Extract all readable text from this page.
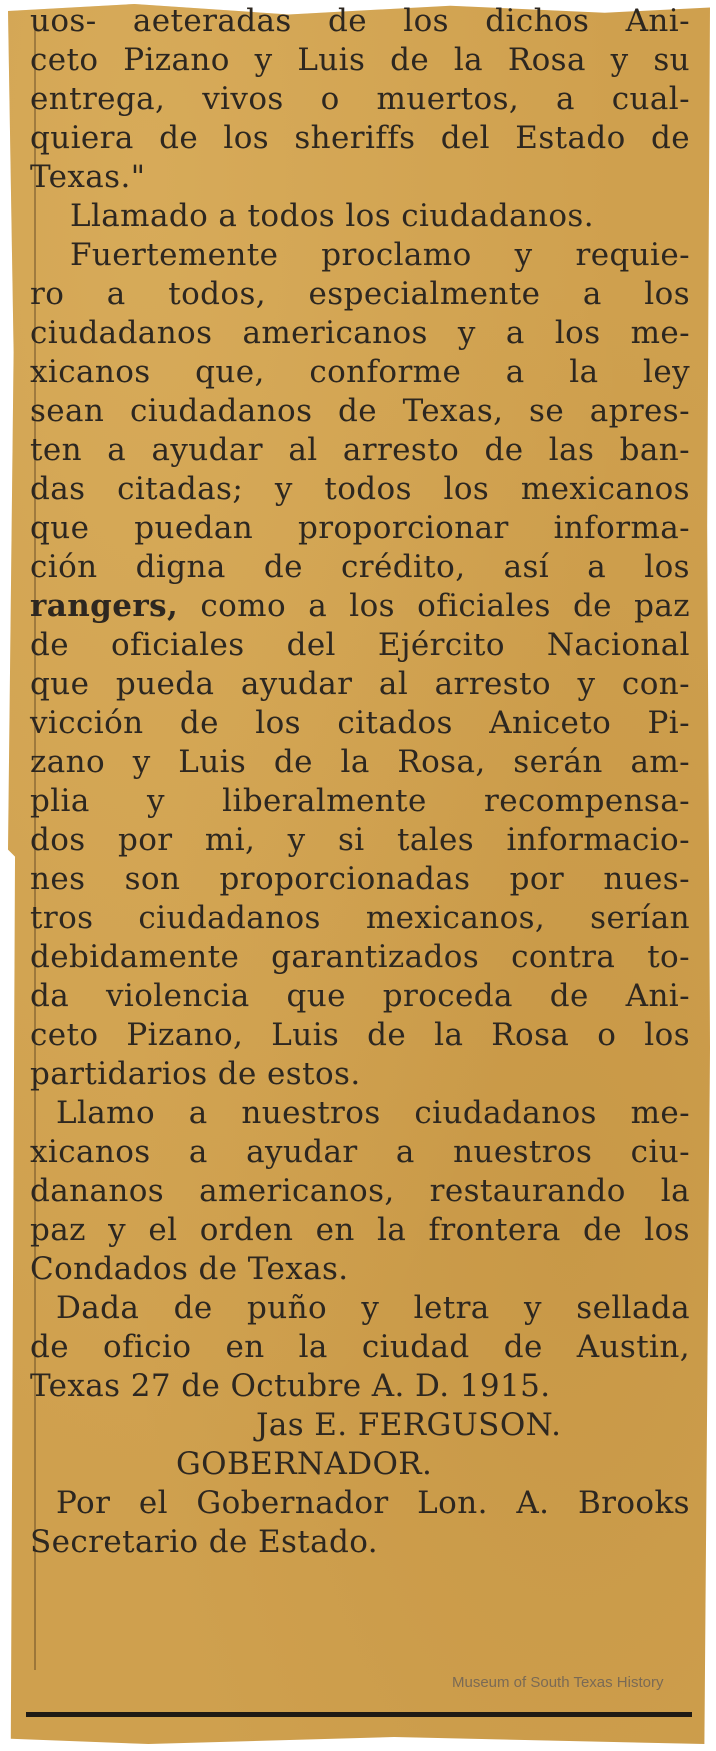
uos- aeteradas de los dichos Ani-
ceto Pizano y Luis de la Rosa y su
entrega, vivos o muertos, a cual-
quiera de los sheriffs del Estado de
Texas."
Llamado a todos los ciudadanos.
Fuertemente proclamo y requie-
ro a todos, especialmente a los
ciudadanos americanos y a los me-
xicanos que, conforme a la ley
sean ciudadanos de Texas, se apres-
ten a ayudar al arresto de las ban-
das citadas; y todos los mexicanos
que puedan proporcionar informa-
ción digna de crédito, así a los
rangers, como a los oficiales de paz
de oficiales del Ejército Nacional
que pueda ayudar al arresto y con-
vicción de los citados Aniceto Pi-
zano y Luis de la Rosa, serán am-
plia y liberalmente recompensa-
dos por mi, y si tales informacio-
nes son proporcionadas por nues-
tros ciudadanos mexicanos, serían
debidamente garantizados contra to-
da violencia que proceda de Ani-
ceto Pizano, Luis de la Rosa o los
partidarios de estos.
Llamo a nuestros ciudadanos me-
xicanos a ayudar a nuestros ciu-
dananos americanos, restaurando la
paz y el orden en la frontera de los
Condados de Texas.
Dada de puño y letra y sellada
de oficio en la ciudad de Austin,
Texas 27 de Octubre A. D. 1915.
Jas E. FERGUSON.
GOBERNADOR.
Por el Gobernador Lon. A. Brooks
Secretario de Estado.
Museum of South Texas History
